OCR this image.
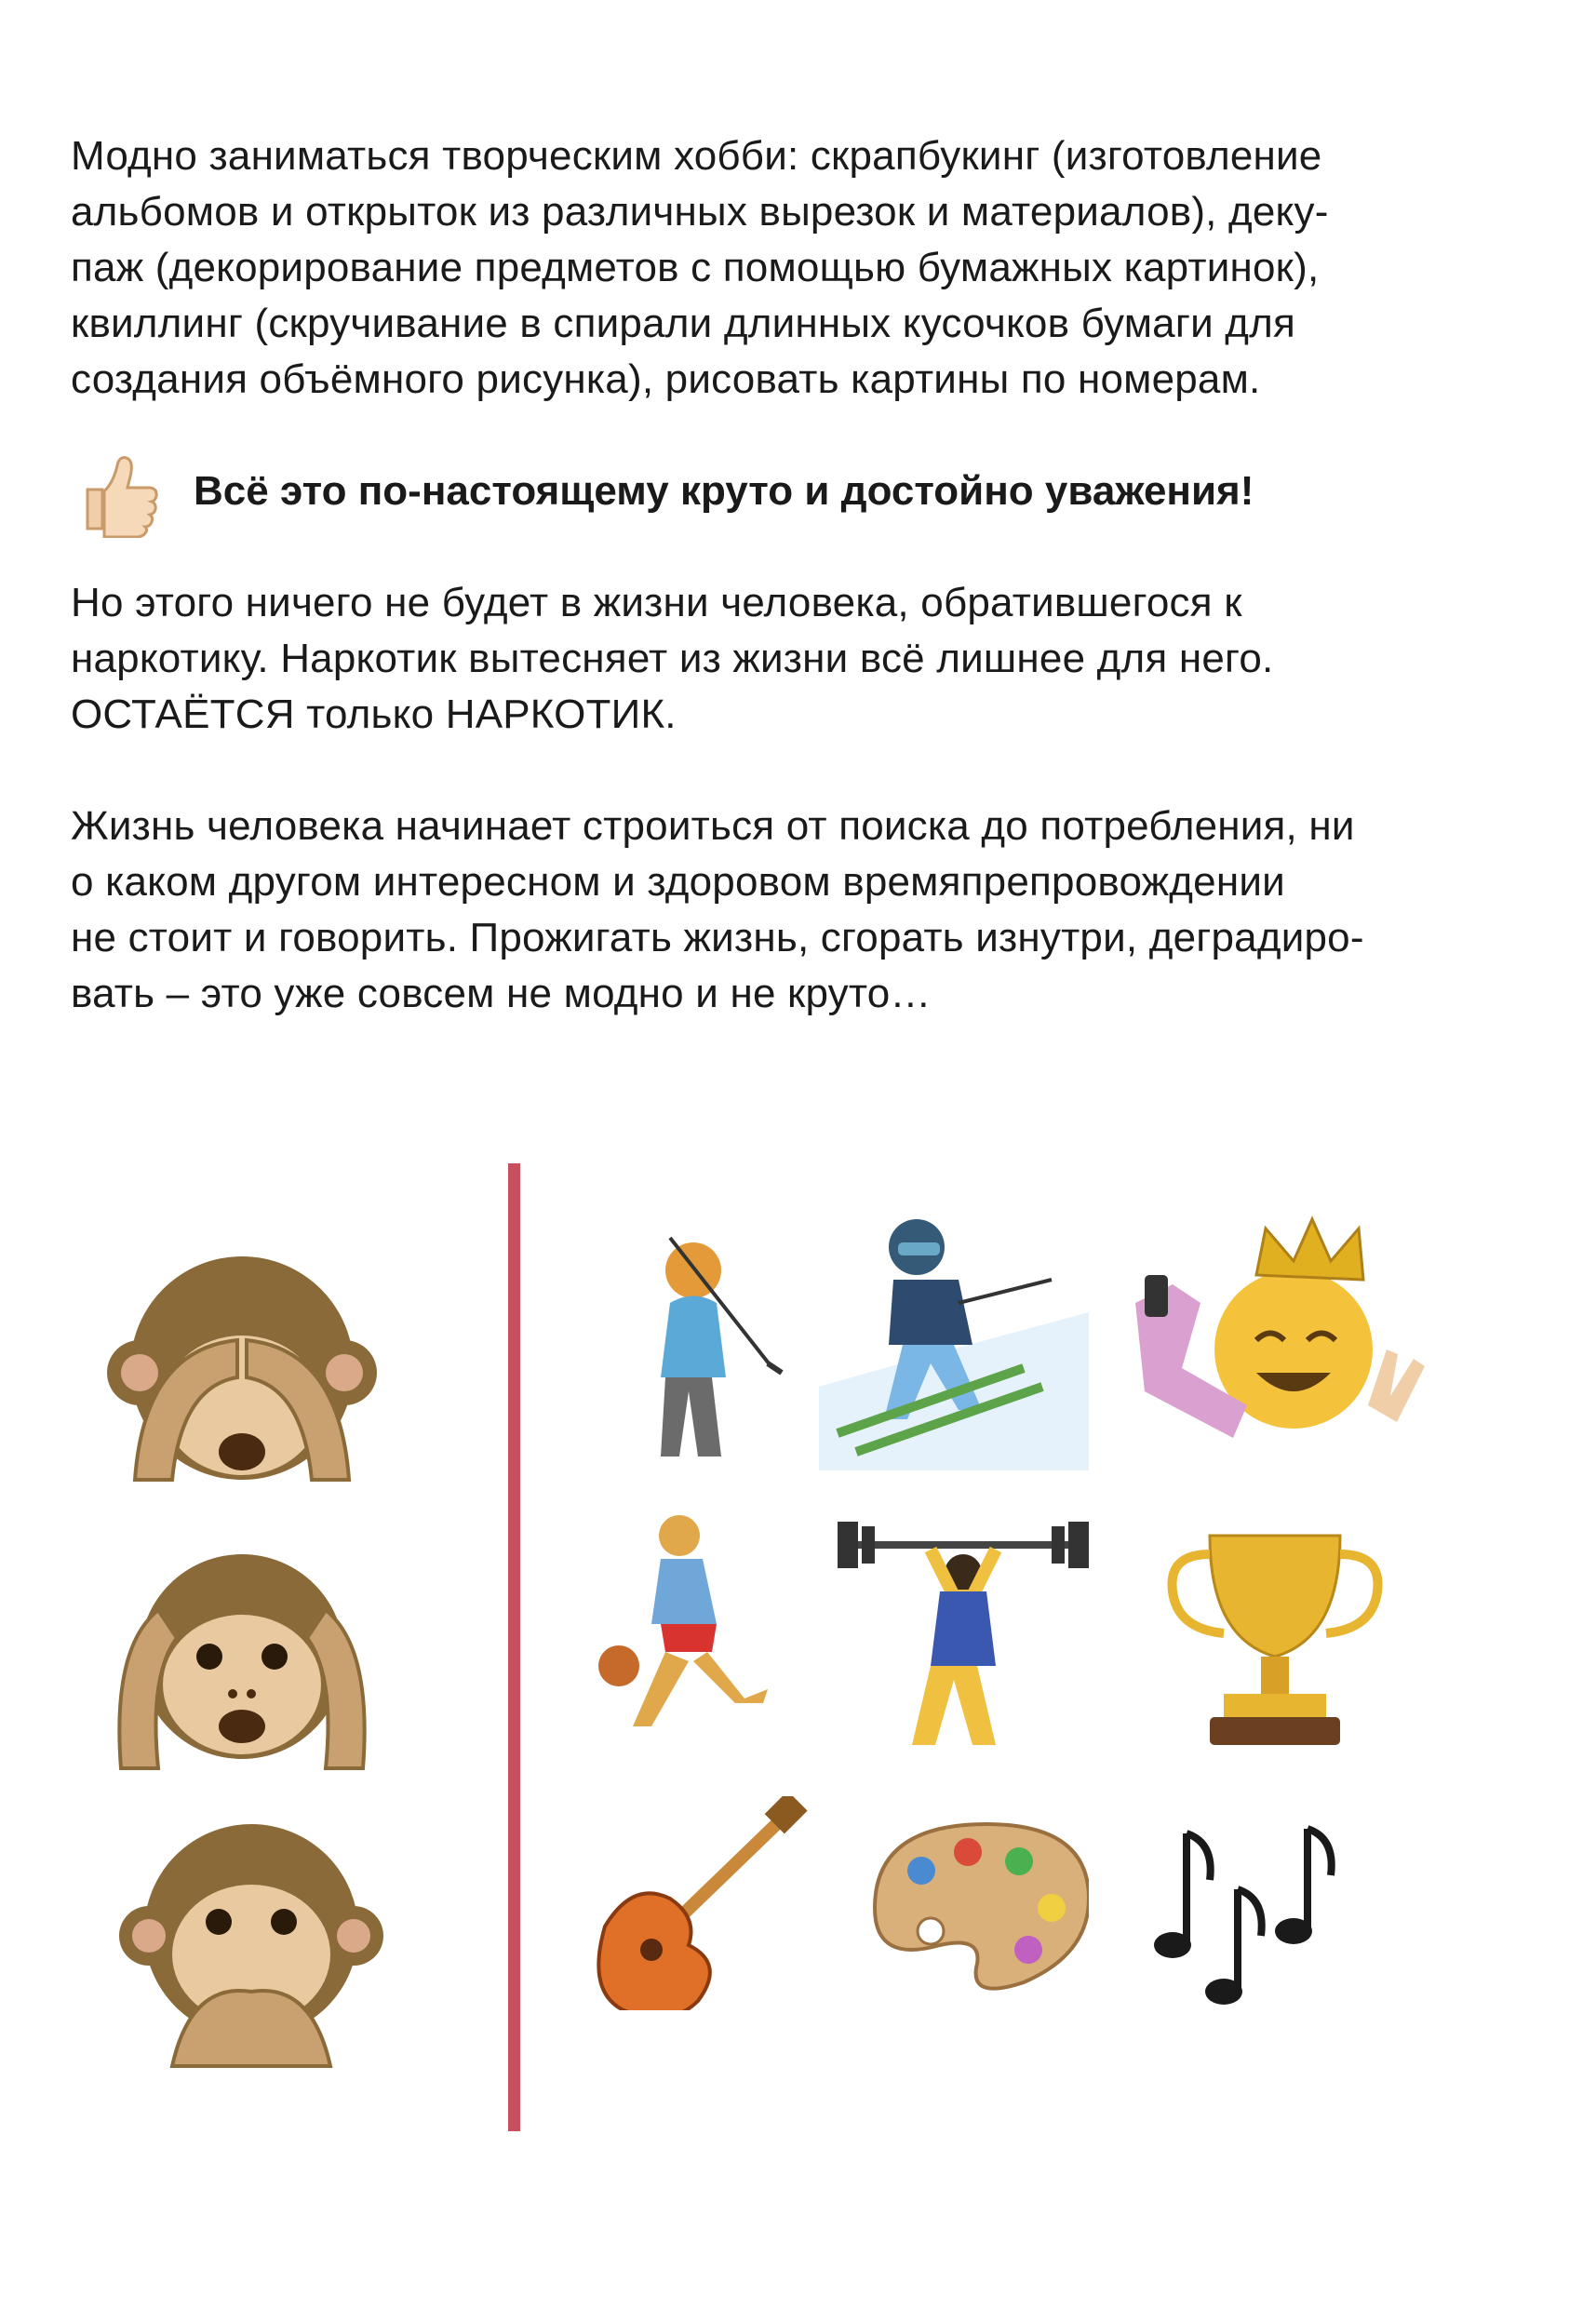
Модно заниматься творческим хобби: скрапбукинг (изготовление
альбомов и открыток из различных вырезок и материалов), деку-
паж (декорирование предметов с помощью бумажных картинок),
квиллинг (скручивание в спирали длинных кусочков бумаги для
создания объёмного рисунка), рисовать картины по номерам.

Всё это по-настоящему круто и достойно уважения!

Но этого ничего не будет в жизни человека, обратившегося к
наркотику. Наркотик вытесняет из жизни всё лишнее для него.
ОСТАЁТСЯ только НАРКОТИК.

Жизнь человека начинает строиться от поиска до потребления, ни
о каком другом интересном и здоровом времяпрепровождении
не стоит и говорить. Прожигать жизнь, сгорать изнутри, деградиро-
вать – это уже совсем не модно и не круто…
